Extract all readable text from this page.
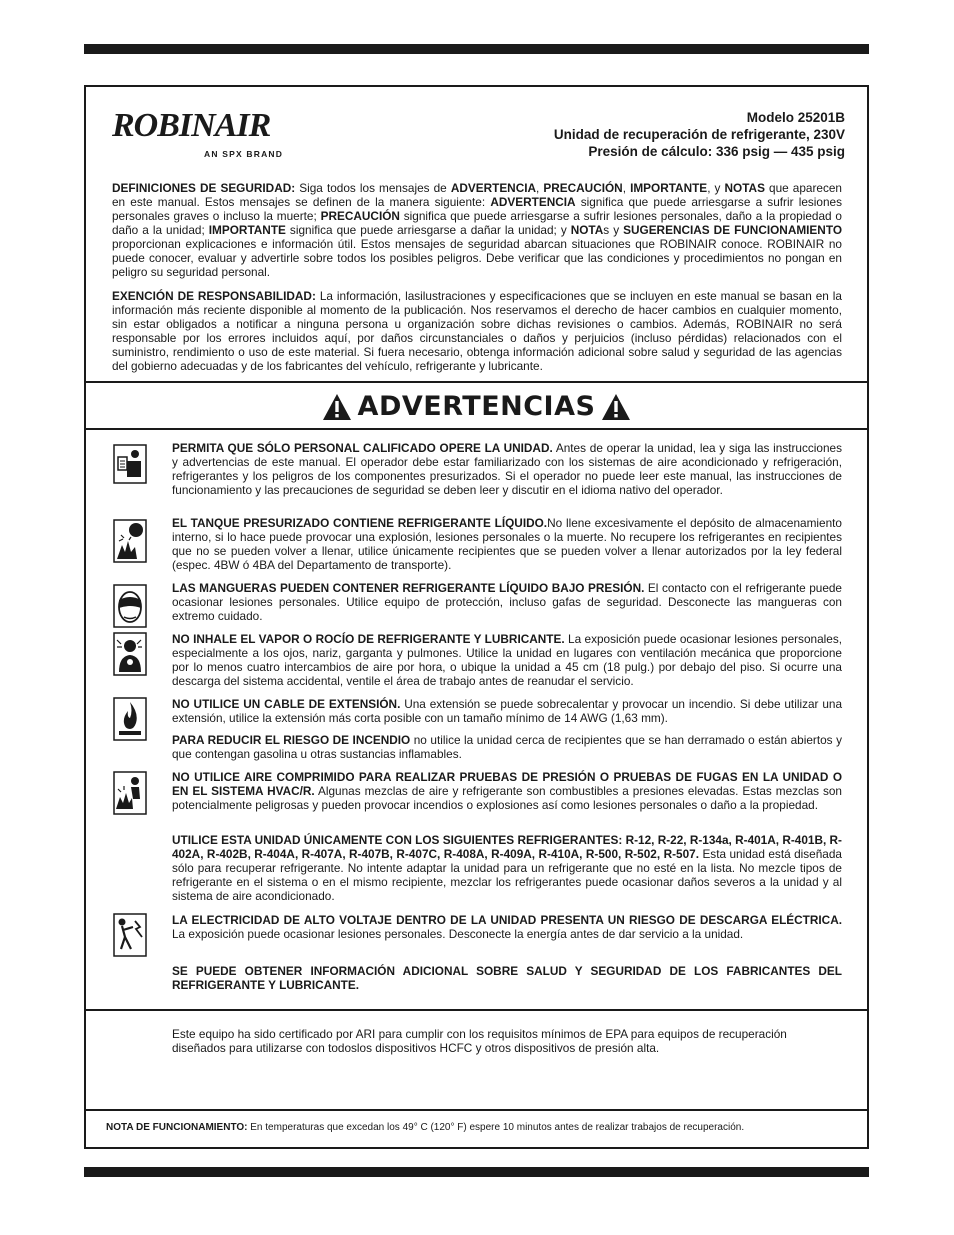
ROBINAIR
AN SPX BRAND
Modelo 25201B
Unidad de recuperación de refrigerante, 230V
Presión de cálculo: 336 psig — 435 psig
DEFINICIONES DE SEGURIDAD: Siga todos los mensajes de ADVERTENCIA, PRECAUCIÓN, IMPORTANTE, y NOTAS que aparecen en este manual. Estos mensajes se definen de la manera siguiente: ADVERTENCIA significa que puede arriesgarse a sufrir lesiones personales graves o incluso la muerte; PRECAUCIÓN significa que puede arriesgarse a sufrir lesiones personales, daño a la propiedad o daño a la unidad; IMPORTANTE significa que puede arriesgarse a dañar la unidad; y NOTAs y SUGERENCIAS DE FUNCIONAMIENTO proporcionan explicaciones e información útil. Estos mensajes de seguridad abarcan situaciones que ROBINAIR conoce. ROBINAIR no puede conocer, evaluar y advertirle sobre todos los posibles peligros. Debe verificar que las condiciones y procedimientos no pongan en peligro su seguridad personal.
EXENCIÓN DE RESPONSABILIDAD: La información, lasilustraciones y especificaciones que se incluyen en este manual se basan en la información más reciente disponible al momento de la publicación. Nos reservamos el derecho de hacer cambios en cualquier momento, sin estar obligados a notificar a ninguna persona u organización sobre dichas revisiones o cambios. Además, ROBINAIR no será responsable por los errores incluidos aquí, por daños circunstanciales o daños y perjuicios (incluso pérdidas) relacionados con el suministro, rendimiento o uso de este material. Si fuera necesario, obtenga información adicional sobre salud y seguridad de las agencias del gobierno adecuadas y de los fabricantes del vehículo, refrigerante y lubricante.
ADVERTENCIAS
PERMITA QUE SÓLO PERSONAL CALIFICADO OPERE LA UNIDAD. Antes de operar la unidad, lea y siga las instrucciones y advertencias de este manual. El operador debe estar familiarizado con los sistemas de aire acondicionado y refrigeración, refrigerantes y los peligros de los componentes presurizados. Si el operador no puede leer este manual, las instrucciones de funcionamiento y las precauciones de seguridad se deben leer y discutir en el idioma nativo del operador.
EL TANQUE PRESURIZADO CONTIENE REFRIGERANTE LÍQUIDO.No llene excesivamente el depósito de almacenamiento interno, si lo hace puede provocar una explosión, lesiones personales o la muerte. No recupere los refrigerantes en recipientes que no se pueden volver a llenar, utilice únicamente recipientes que se pueden volver a llenar autorizados por la ley federal (espec. 4BW ó 4BA del Departamento de transporte).
LAS MANGUERAS PUEDEN CONTENER REFRIGERANTE LÍQUIDO BAJO PRESIÓN. El contacto con el refrigerante puede ocasionar lesiones personales. Utilice equipo de protección, incluso gafas de seguridad. Desconecte las mangueras con extremo cuidado.
NO INHALE EL VAPOR O ROCÍO DE REFRIGERANTE Y LUBRICANTE. La exposición puede ocasionar lesiones personales, especialmente a los ojos, nariz, garganta y pulmones. Utilice la unidad en lugares con ventilación mecánica que proporcione por lo menos cuatro intercambios de aire por hora, o ubique la unidad a 45 cm (18 pulg.) por debajo del piso. Si ocurre una descarga del sistema accidental, ventile el área de trabajo antes de reanudar el servicio.
NO UTILICE UN CABLE DE EXTENSIÓN. Una extensión se puede sobrecalentar y provocar un incendio. Si debe utilizar una extensión, utilice la extensión más corta posible con un tamaño mínimo de 14 AWG (1,63 mm).
PARA REDUCIR EL RIESGO DE INCENDIO no utilice la unidad cerca de recipientes que se han derramado o están abiertos y que contengan gasolina u otras sustancias inflamables.
NO UTILICE AIRE COMPRIMIDO PARA REALIZAR PRUEBAS DE PRESIÓN O PRUEBAS DE FUGAS EN LA UNIDAD O EN EL SISTEMA HVAC/R. Algunas mezclas de aire y refrigerante son combustibles a presiones elevadas. Estas mezclas son potencialmente peligrosas y pueden provocar incendios o explosiones así como lesiones personales o daño a la propiedad.
UTILICE ESTA UNIDAD ÚNICAMENTE CON LOS SIGUIENTES REFRIGERANTES: R-12, R-22, R-134a, R-401A, R-401B, R-402A, R-402B, R-404A, R-407A, R-407B, R-407C, R-408A, R-409A, R-410A, R-500, R-502, R-507. Esta unidad está diseñada sólo para recuperar refrigerante. No intente adaptar la unidad para un refrigerante que no esté en la lista. No mezcle tipos de refrigerante en el sistema o en el mismo recipiente, mezclar los refrigerantes puede ocasionar daños severos a la unidad y al sistema de aire acondicionado.
LA ELECTRICIDAD DE ALTO VOLTAJE DENTRO DE LA UNIDAD PRESENTA UN RIESGO DE DESCARGA ELÉCTRICA. La exposición puede ocasionar lesiones personales. Desconecte la energía antes de dar servicio a la unidad.
SE PUEDE OBTENER INFORMACIÓN ADICIONAL SOBRE SALUD Y SEGURIDAD DE LOS FABRICANTES DEL REFRIGERANTE Y LUBRICANTE.
Este equipo ha sido certificado por ARI para cumplir con los requisitos mínimos de EPA para equipos de recuperación diseñados para utilizarse con todoslos dispositivos HCFC y otros dispositivos de presión alta.
NOTA DE FUNCIONAMIENTO: En temperaturas que excedan los 49° C (120° F) espere 10 minutos antes de realizar trabajos de recuperación.
